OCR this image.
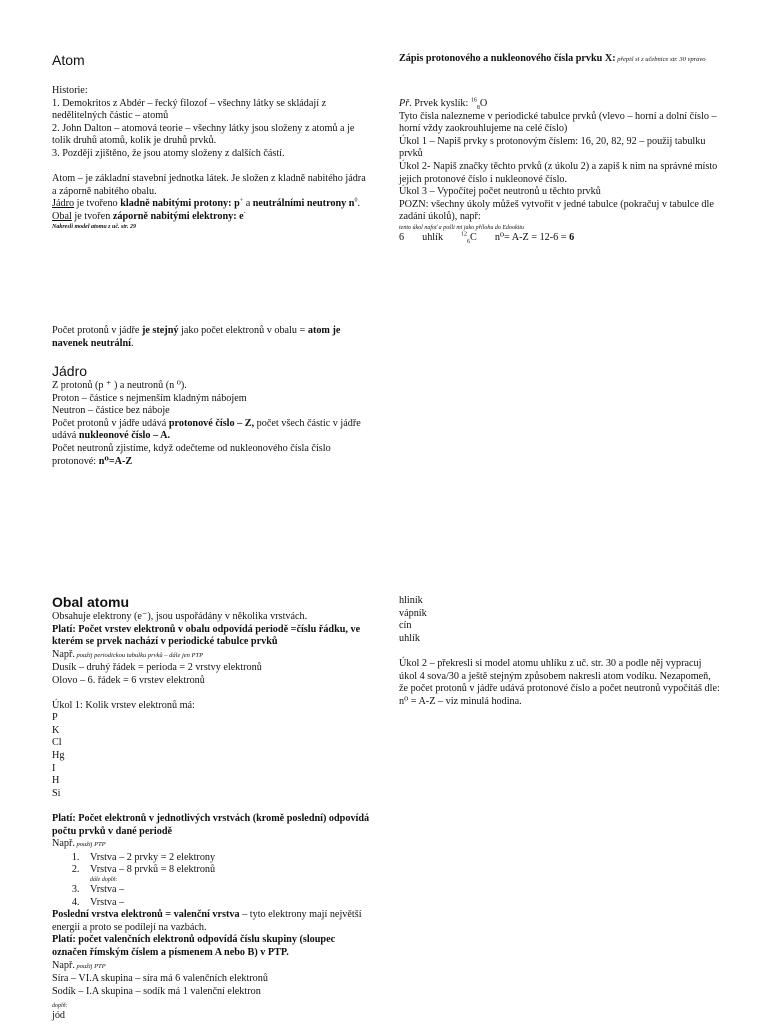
Atom

Historie:

1. Demokritos z Abdér – řecký filozof – všechny látky se skládají z nedělitelných částic – atomů

2. John Dalton – atomová teorie – všechny látky jsou složeny z atomů a je tolik druhů atomů, kolik je druhů prvků.

3. Později zjištěno, že jsou atomy složeny z dalších částí.

Atom – je základní stavební jednotka látek. Je složen z kladně nabitého jádra a záporně nabitého obalu.

Jádro je tvořeno kladně nabitými protony: p+ a neutrálními neutrony $n^0$.

Obal je tvořen záporně nabitými elektrony: e-

Nakresli model atomu z uč. str. 29

Počet protonů v jádře je stejný jako počet elektronů v obalu = atom je navenek neutrální.

Jádro

Z protonů (p ⁺ ) a neutronů (n ⁰).

Proton – částice s nejmenším kladným nábojem

Neutron – částice bez náboje

Počet protonů v jádře udává protonové číslo – Z, počet všech částic v jádře udává nukleonové číslo – A.

Počet neutronů zjistíme, když odečteme od nukleonového čísla číslo protonové: n⁰=A-Z

Obal atomu

Obsahuje elektrony (e⁻), jsou uspořádány v několika vrstvách.

Platí: Počet vrstev elektronů v obalu odpovídá periodě =číslu řádku, ve kterém se prvek nachází v periodické tabulce prvků

Např. použij periodickou tabulku prvků – dále jen PTP

Dusík – druhý řádek = perioda = 2 vrstvy elektronů

Olovo – 6. řádek = 6 vrstev elektronů

Úkol 1: Kolik vrstev elektronů má:

P

K

Cl

Hg

I

H

Si

Platí: Počet elektronů v jednotlivých vrstvách (kromě poslední) odpovídá počtu prvků v dané periodě

Např. použij PTP

1. Vrstva – 2 prvky = 2 elektrony
2. Vrstva – 8 prvků = 8 elektronů

dále doplň:

3. Vrstva –
4. Vrstva –

Poslední vrstva elektronů = valenční vrstva – tyto elektrony mají největší energii a proto se podílejí na vazbách.

Platí: počet valenčních elektronů odpovídá číslu skupiny (sloupec označen římským číslem a písmenem A nebo B) v PTP.

Např. použij PTP

Síra – VI.A skupina – síra má 6 valenčních elektronů

Sodík – I.A skupina – sodík má 1 valenční elektron

doplň:

jód

Zápis protonového a nukleonového čísla prvku X: přepiš si z učebnice str. 30 vpravo

Př. Prvek kyslík: $^{16}_8$O

Tyto čísla nalezneme v periodické tabulce prvků (vlevo – horní a dolní číslo – horní vždy zaokrouhlujeme na celé číslo)

Úkol 1 – Napiš prvky s protonovým číslem: 16, 20, 82, 92 – použij tabulku prvků

Úkol 2- Napiš značky těchto prvků (z úkolu 2) a zapiš k nim na správné místo jejich protonové číslo i nukleonové číslo.

Úkol 3 – Vypočítej počet neutronů u těchto prvků

POZN: všechny úkoly můžeš vytvořit v jedné tabulce (pokračuj v tabulce dle zadání úkolů), např:

tento úkol nafoť a pošli mi jako přílohu do Edookitu

6 uhlík	$^{12}_6$C n⁰= A-Z = 12-6 = 6

hliník

vápník

cín

uhlík

Úkol 2 – překresli si model atomu uhlíku z uč. str. 30 a podle něj vypracuj úkol 4 sova/30 a ještě stejným způsobem nakresli atom vodíku. Nezapomeň, že počet protonů v jádře udává protonové číslo a počet neutronů vypočítáš dle: n⁰ = A-Z – viz minulá hodina.
